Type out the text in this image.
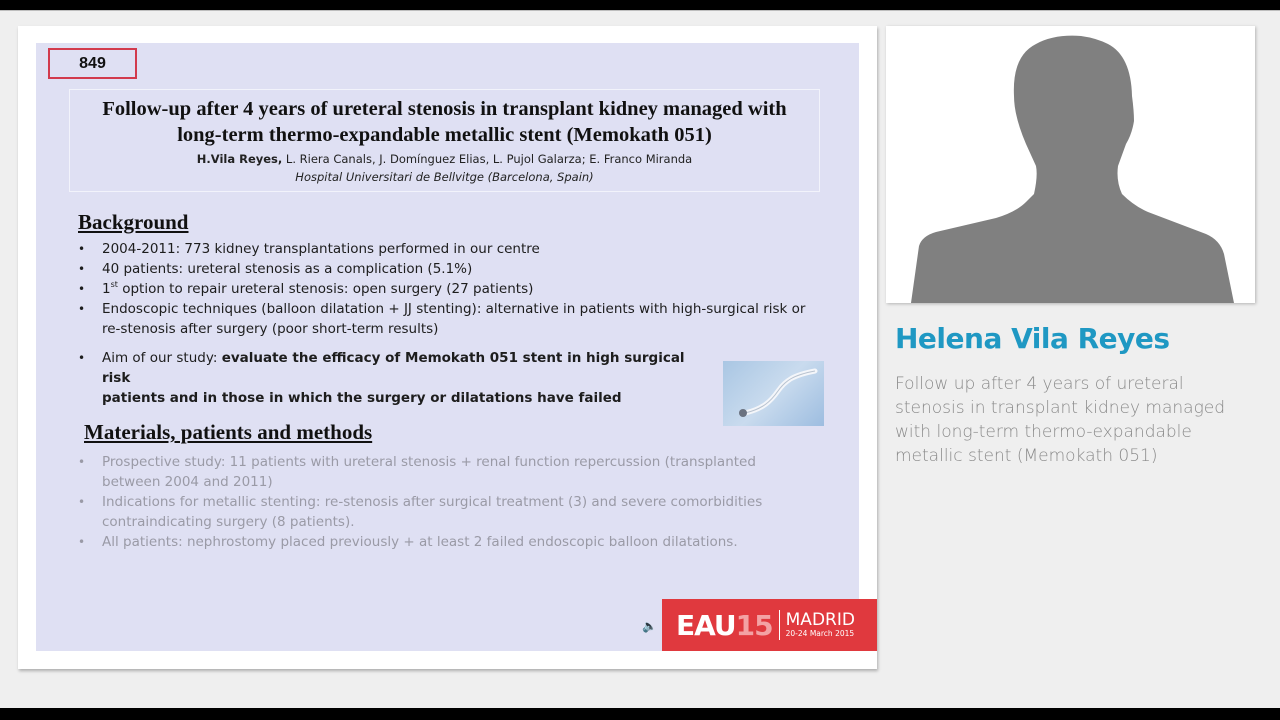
849
Follow-up after 4 years of ureteral stenosis in transplant kidney managed with
long-term thermo-expandable metallic stent (Memokath 051)
H.Vila Reyes, L. Riera Canals, J. Domínguez Elias, L. Pujol Galarza; E. Franco Miranda
Hospital Universitari de Bellvitge (Barcelona, Spain)
Background
• 2004-2011: 773 kidney transplantations performed in our centre
• 40 patients: ureteral stenosis as a complication (5.1%)
• 1st option to repair ureteral stenosis: open surgery (27 patients)
• Endoscopic techniques (balloon dilatation + JJ stenting): alternative in patients with high-surgical risk or
re-stenosis after surgery (poor short-term results)
• Aim of our study: evaluate the efficacy of Memokath 051 stent in high surgical risk
patients and in those in which the surgery or dilatations have failed
Materials, patients and methods
• Prospective study: 11 patients with ureteral stenosis + renal function repercussion (transplanted
between 2004 and 2011)
• Indications for metallic stenting: re-stenosis after surgical treatment (3) and severe comorbidities
contraindicating surgery (8 patients).
• All patients: nephrostomy placed previously + at least 2 failed endoscopic balloon dilatations.
🔈 EAU 15 MADRID
20-24 March 2015
Helena Vila Reyes
Follow up after 4 years of ureteral stenosis in transplant kidney managed with long-term thermo-expandable metallic stent (Memokath 051)
